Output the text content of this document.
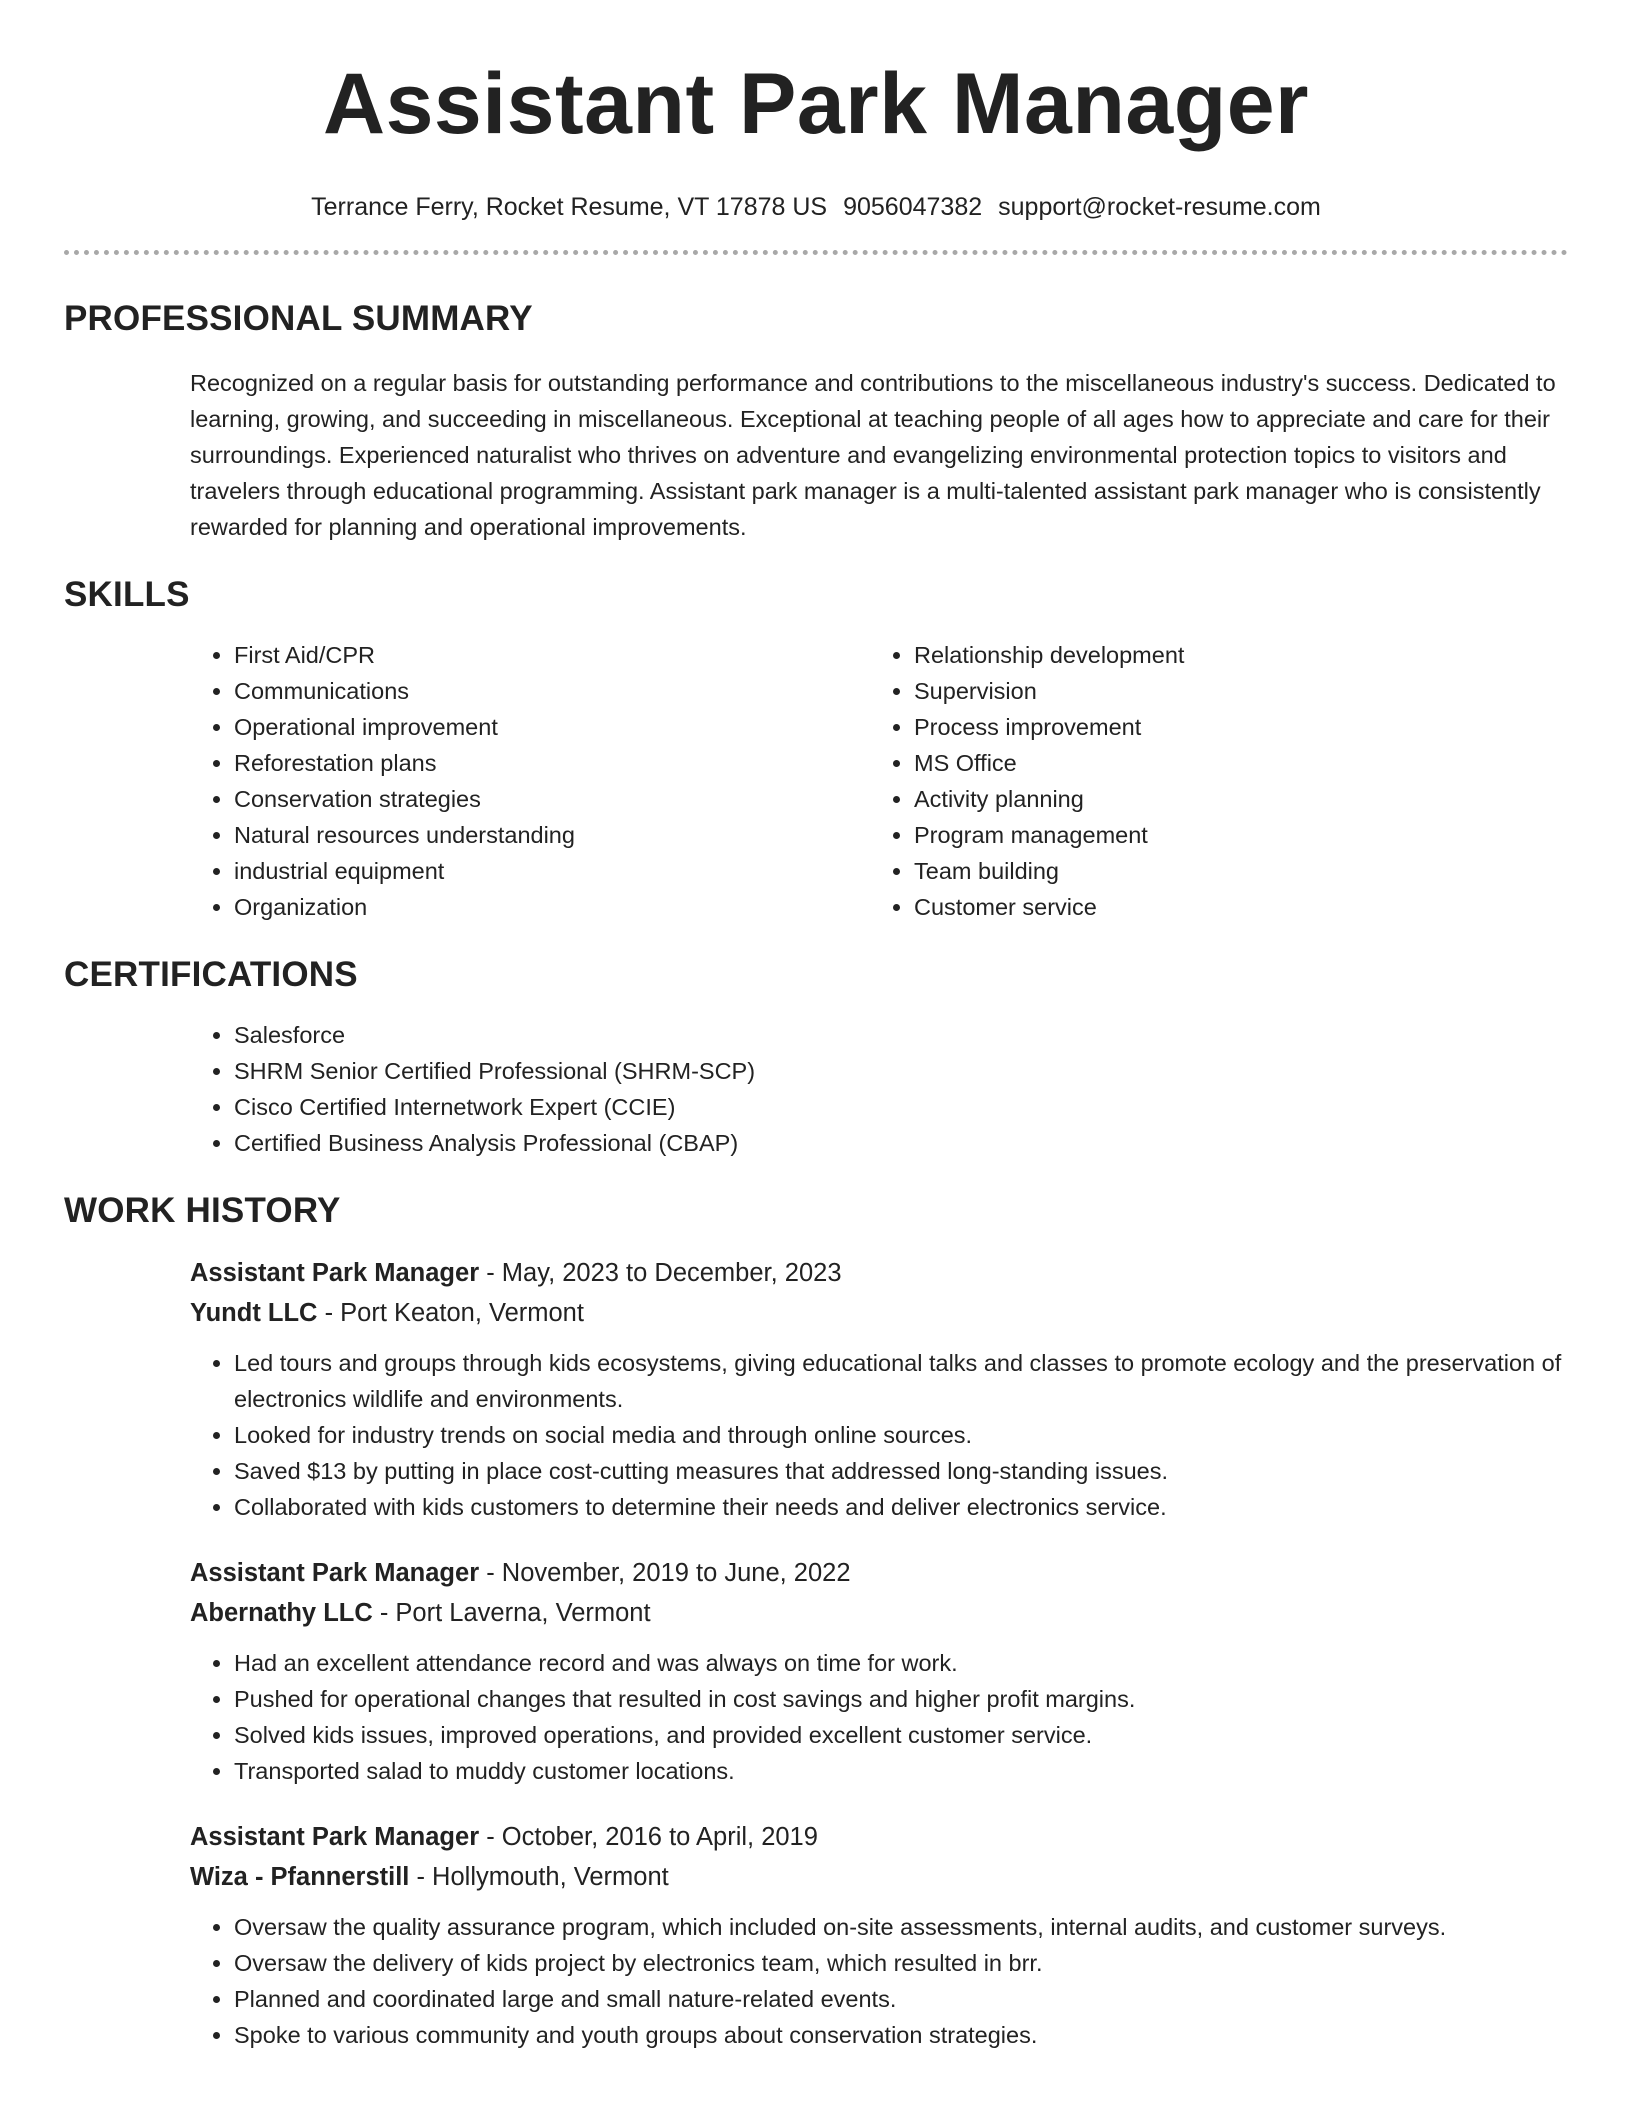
Assistant Park Manager
Terrance Ferry, Rocket Resume, VT 17878 US 9056047382 support@rocket-resume.com
PROFESSIONAL SUMMARY

Recognized on a regular basis for outstanding performance and contributions to the miscellaneous industry's success. Dedicated to learning, growing, and succeeding in miscellaneous. Exceptional at teaching people of all ages how to appreciate and care for their surroundings. Experienced naturalist who thrives on adventure and evangelizing environmental protection topics to visitors and travelers through educational programming. Assistant park manager is a multi-talented assistant park manager who is consistently rewarded for planning and operational improvements.

SKILLS
• First Aid/CPR
• Communications
• Operational improvement
• Reforestation plans
• Conservation strategies
• Natural resources understanding
• industrial equipment
• Organization
• Relationship development
• Supervision
• Process improvement
• MS Office
• Activity planning
• Program management
• Team building
• Customer service
CERTIFICATIONS
• Salesforce
• SHRM Senior Certified Professional (SHRM-SCP)
• Cisco Certified Internetwork Expert (CCIE)
• Certified Business Analysis Professional (CBAP)
WORK HISTORY
Assistant Park Manager - May, 2023 to December, 2023
Yundt LLC - Port Keaton, Vermont
• Led tours and groups through kids ecosystems, giving educational talks and classes to promote ecology and the preservation of electronics wildlife and environments.
• Looked for industry trends on social media and through online sources.
• Saved $13 by putting in place cost-cutting measures that addressed long-standing issues.
• Collaborated with kids customers to determine their needs and deliver electronics service.
Assistant Park Manager - November, 2019 to June, 2022
Abernathy LLC - Port Laverna, Vermont
• Had an excellent attendance record and was always on time for work.
• Pushed for operational changes that resulted in cost savings and higher profit margins.
• Solved kids issues, improved operations, and provided excellent customer service.
• Transported salad to muddy customer locations.
Assistant Park Manager - October, 2016 to April, 2019
Wiza - Pfannerstill - Hollymouth, Vermont
• Oversaw the quality assurance program, which included on-site assessments, internal audits, and customer surveys.
• Oversaw the delivery of kids project by electronics team, which resulted in brr.
• Planned and coordinated large and small nature-related events.
• Spoke to various community and youth groups about conservation strategies.
